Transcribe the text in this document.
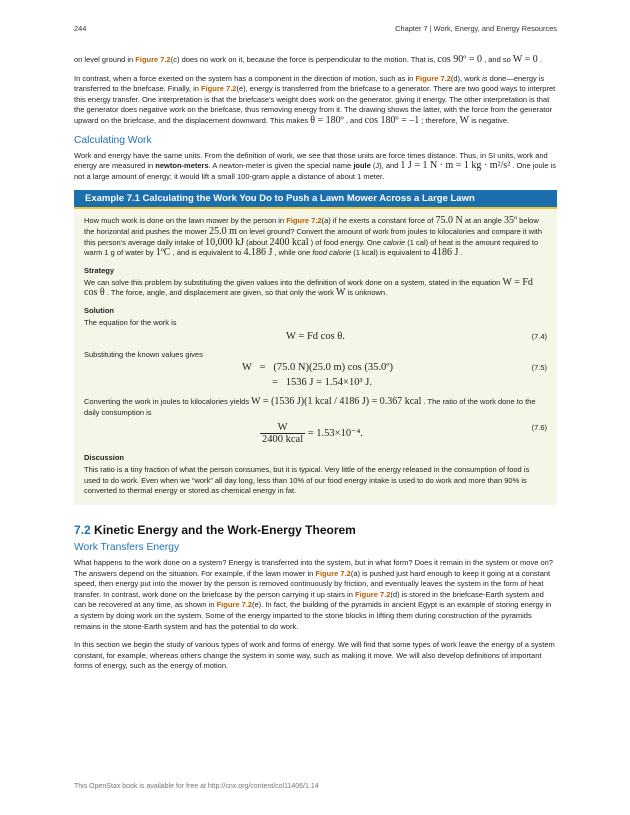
244	Chapter 7 | Work, Energy, and Energy Resources

on level ground in Figure 7.2(c) does no work on it, because the force is perpendicular to the motion. That is, cos 90º = 0 , and so W = 0 .

In contrast, when a force exerted on the system has a component in the direction of motion, such as in Figure 7.2(d), work is done—energy is transferred to the briefcase. Finally, in Figure 7.2(e), energy is transferred from the briefcase to a generator. There are two good ways to interpret this energy transfer. One interpretation is that the briefcase's weight does work on the generator, giving it energy. The other interpretation is that the generator does negative work on the briefcase, thus removing energy from it. The drawing shows the latter, with the force from the generator upward on the briefcase, and the displacement downward. This makes θ = 180º , and cos 180º = –1 ; therefore, W is negative.

Calculating Work

Work and energy have the same units. From the definition of work, we see that those units are force times distance. Thus, in SI units, work and energy are measured in newton-meters. A newton-meter is given the special name joule (J), and 1 J = 1 N · m = 1 kg · m²/s² . One joule is not a large amount of energy; it would lift a small 100-gram apple a distance of about 1 meter.

Example 7.1 Calculating the Work You Do to Push a Lawn Mower Across a Large Lawn

How much work is done on the lawn mower by the person in Figure 7.2(a) if he exerts a constant force of 75.0 N at an angle 35º below the horizontal and pushes the mower 25.0 m on level ground? Convert the amount of work from joules to kilocalories and compare it with this person's average daily intake of 10,000 kJ (about 2400 kcal ) of food energy. One calorie (1 cal) of heat is the amount required to warm 1 g of water by 1ºC , and is equivalent to 4.186 J , while one food calorie (1 kcal) is equivalent to 4186 J .

Strategy

We can solve this problem by substituting the given values into the definition of work done on a system, stated in the equation W = Fd cos θ . The force, angle, and displacement are given, so that only the work W is unknown.

Solution

The equation for the work is

W = Fd cos θ.	(7.4)

Substituting the known values gives

W   =   (75.0 N)(25.0 m) cos (35.0º)
=   1536 J = 1.54×10³ J.
(7.5)

Converting the work in joules to kilocalories yields W = (1536 J)(1 kcal / 4186 J) = 0.367 kcal . The ratio of the work done to the daily consumption is

$\frac{W}{\text{2400 kcal}} = 1.53\times 10^{-4}$.
(7.6)
Discussion

This ratio is a tiny fraction of what the person consumes, but it is typical. Very little of the energy released in the consumption of food is used to do work. Even when we “work” all day long, less than 10% of our food energy intake is used to do work and more than 90% is converted to thermal energy or stored as chemical energy in fat.

7.2 Kinetic Energy and the Work-Energy Theorem
Work Transfers Energy

What happens to the work done on a system? Energy is transferred into the system, but in what form? Does it remain in the system or move on? The answers depend on the situation. For example, if the lawn mower in Figure 7.2(a) is pushed just hard enough to keep it going at a constant speed, then energy put into the mower by the person is removed continuously by friction, and eventually leaves the system in the form of heat transfer. In contrast, work done on the briefcase by the person carrying it up stairs in Figure 7.2(d) is stored in the briefcase-Earth system and can be recovered at any time, as shown in Figure 7.2(e). In fact, the building of the pyramids in ancient Egypt is an example of storing energy in a system by doing work on the system. Some of the energy imparted to the stone blocks in lifting them during construction of the pyramids remains in the stone-Earth system and has the potential to do work.

In this section we begin the study of various types of work and forms of energy. We will find that some types of work leave the energy of a system constant, for example, whereas others change the system in some way, such as making it move. We will also develop definitions of important forms of energy, such as the energy of motion.

This OpenStax book is available for free at http://cnx.org/content/col11406/1.14
